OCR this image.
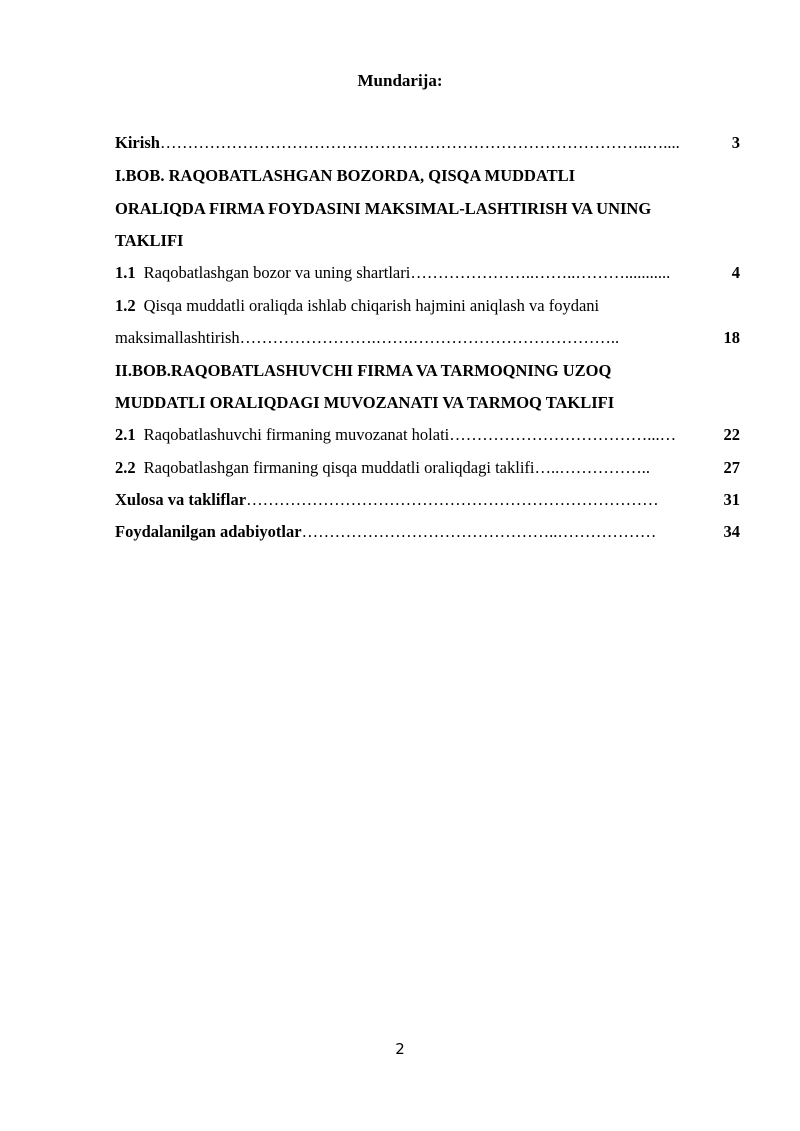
Mundarija:
Kirish ……………………………………………………………………………..…....	3
I.BOB. RAQOBATLASHGAN BOZORDA, QISQA MUDDATLI
ORALIQDA FIRMA FOYDASINI MAKSIMAL-LASHTIRISH VA UNING
TAKLIFI
1.1 Raqobatlashgan bozor va uning shartlari …………………..……..………...........	4
1.2 Qisqa muddatli oraliqda ishlab chiqarish hajmini aniqlash va foydani
maksimallashtirish …………………….…….………………………………..	18
II.BOB.RAQOBATLASHUVCHI FIRMA VA TARMOQNING UZOQ
MUDDATLI ORALIQDAGI MUVOZANATI VA TARMOQ TAKLIFI
2.1 Raqobatlashuvchi firmaning muvozanat holati ………………………………...…	22
2.2 Raqobatlashgan firmaning qisqa muddatli oraliqdagi taklifi …..……………..	27
Xulosa va takliflar …………………………………………………………………	31
Foydalanilgan adabiyotlar ………………………………………..………………	34
2
